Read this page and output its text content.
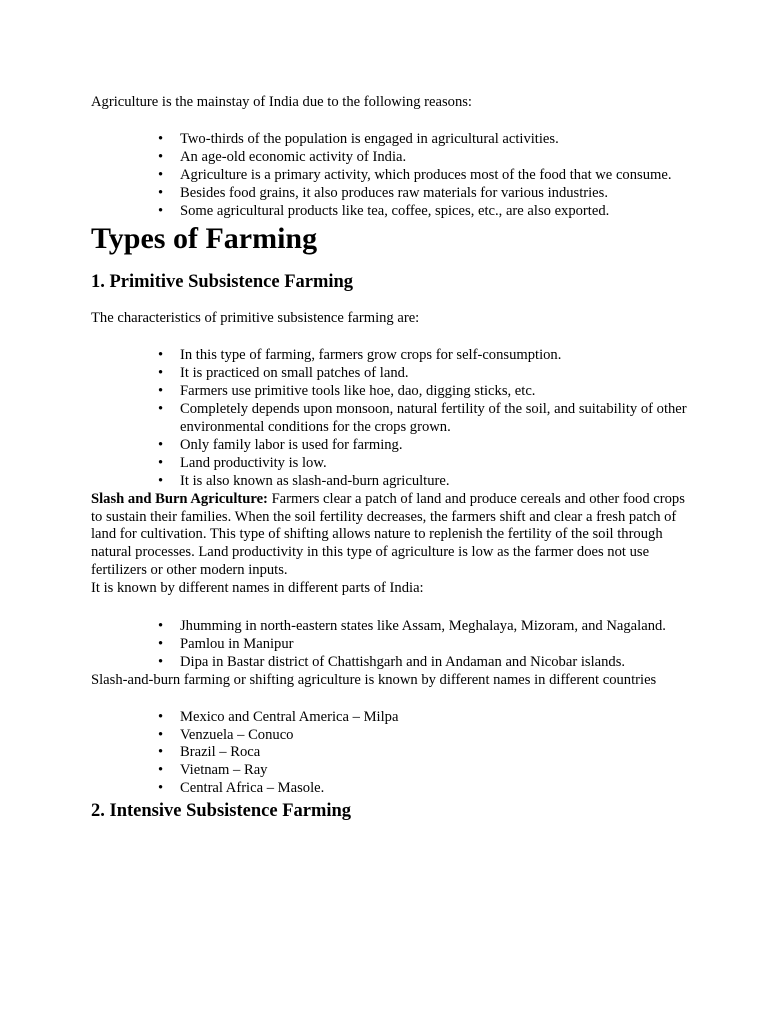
Agriculture is the mainstay of India due to the following reasons:

• Two-thirds of the population is engaged in agricultural activities.
• An age-old economic activity of India.
• Agriculture is a primary activity, which produces most of the food that we consume.
• Besides food grains, it also produces raw materials for various industries.
• Some agricultural products like tea, coffee, spices, etc., are also exported.
Types of Farming
1. Primitive Subsistence Farming

The characteristics of primitive subsistence farming are:

• In this type of farming, farmers grow crops for self-consumption.
• It is practiced on small patches of land.
• Farmers use primitive tools like hoe, dao, digging sticks, etc.
• Completely depends upon monsoon, natural fertility of the soil, and suitability of other environmental conditions for the crops grown.
• Only family labor is used for farming.
• Land productivity is low.
• It is also known as slash-and-burn agriculture.

Slash and Burn Agriculture: Farmers clear a patch of land and produce cereals and other food crops to sustain their families. When the soil fertility decreases, the farmers shift and clear a fresh patch of land for cultivation. This type of shifting allows nature to replenish the fertility of the soil through natural processes. Land productivity in this type of agriculture is low as the farmer does not use fertilizers or other modern inputs.

It is known by different names in different parts of India:

• Jhumming in north-eastern states like Assam, Meghalaya, Mizoram, and Nagaland.
• Pamlou in Manipur
• Dipa in Bastar district of Chattishgarh and in Andaman and Nicobar islands.

Slash-and-burn farming or shifting agriculture is known by different names in different countries

• Mexico and Central America – Milpa
• Venzuela – Conuco
• Brazil – Roca
• Vietnam – Ray
• Central Africa – Masole.
2. Intensive Subsistence Farming
